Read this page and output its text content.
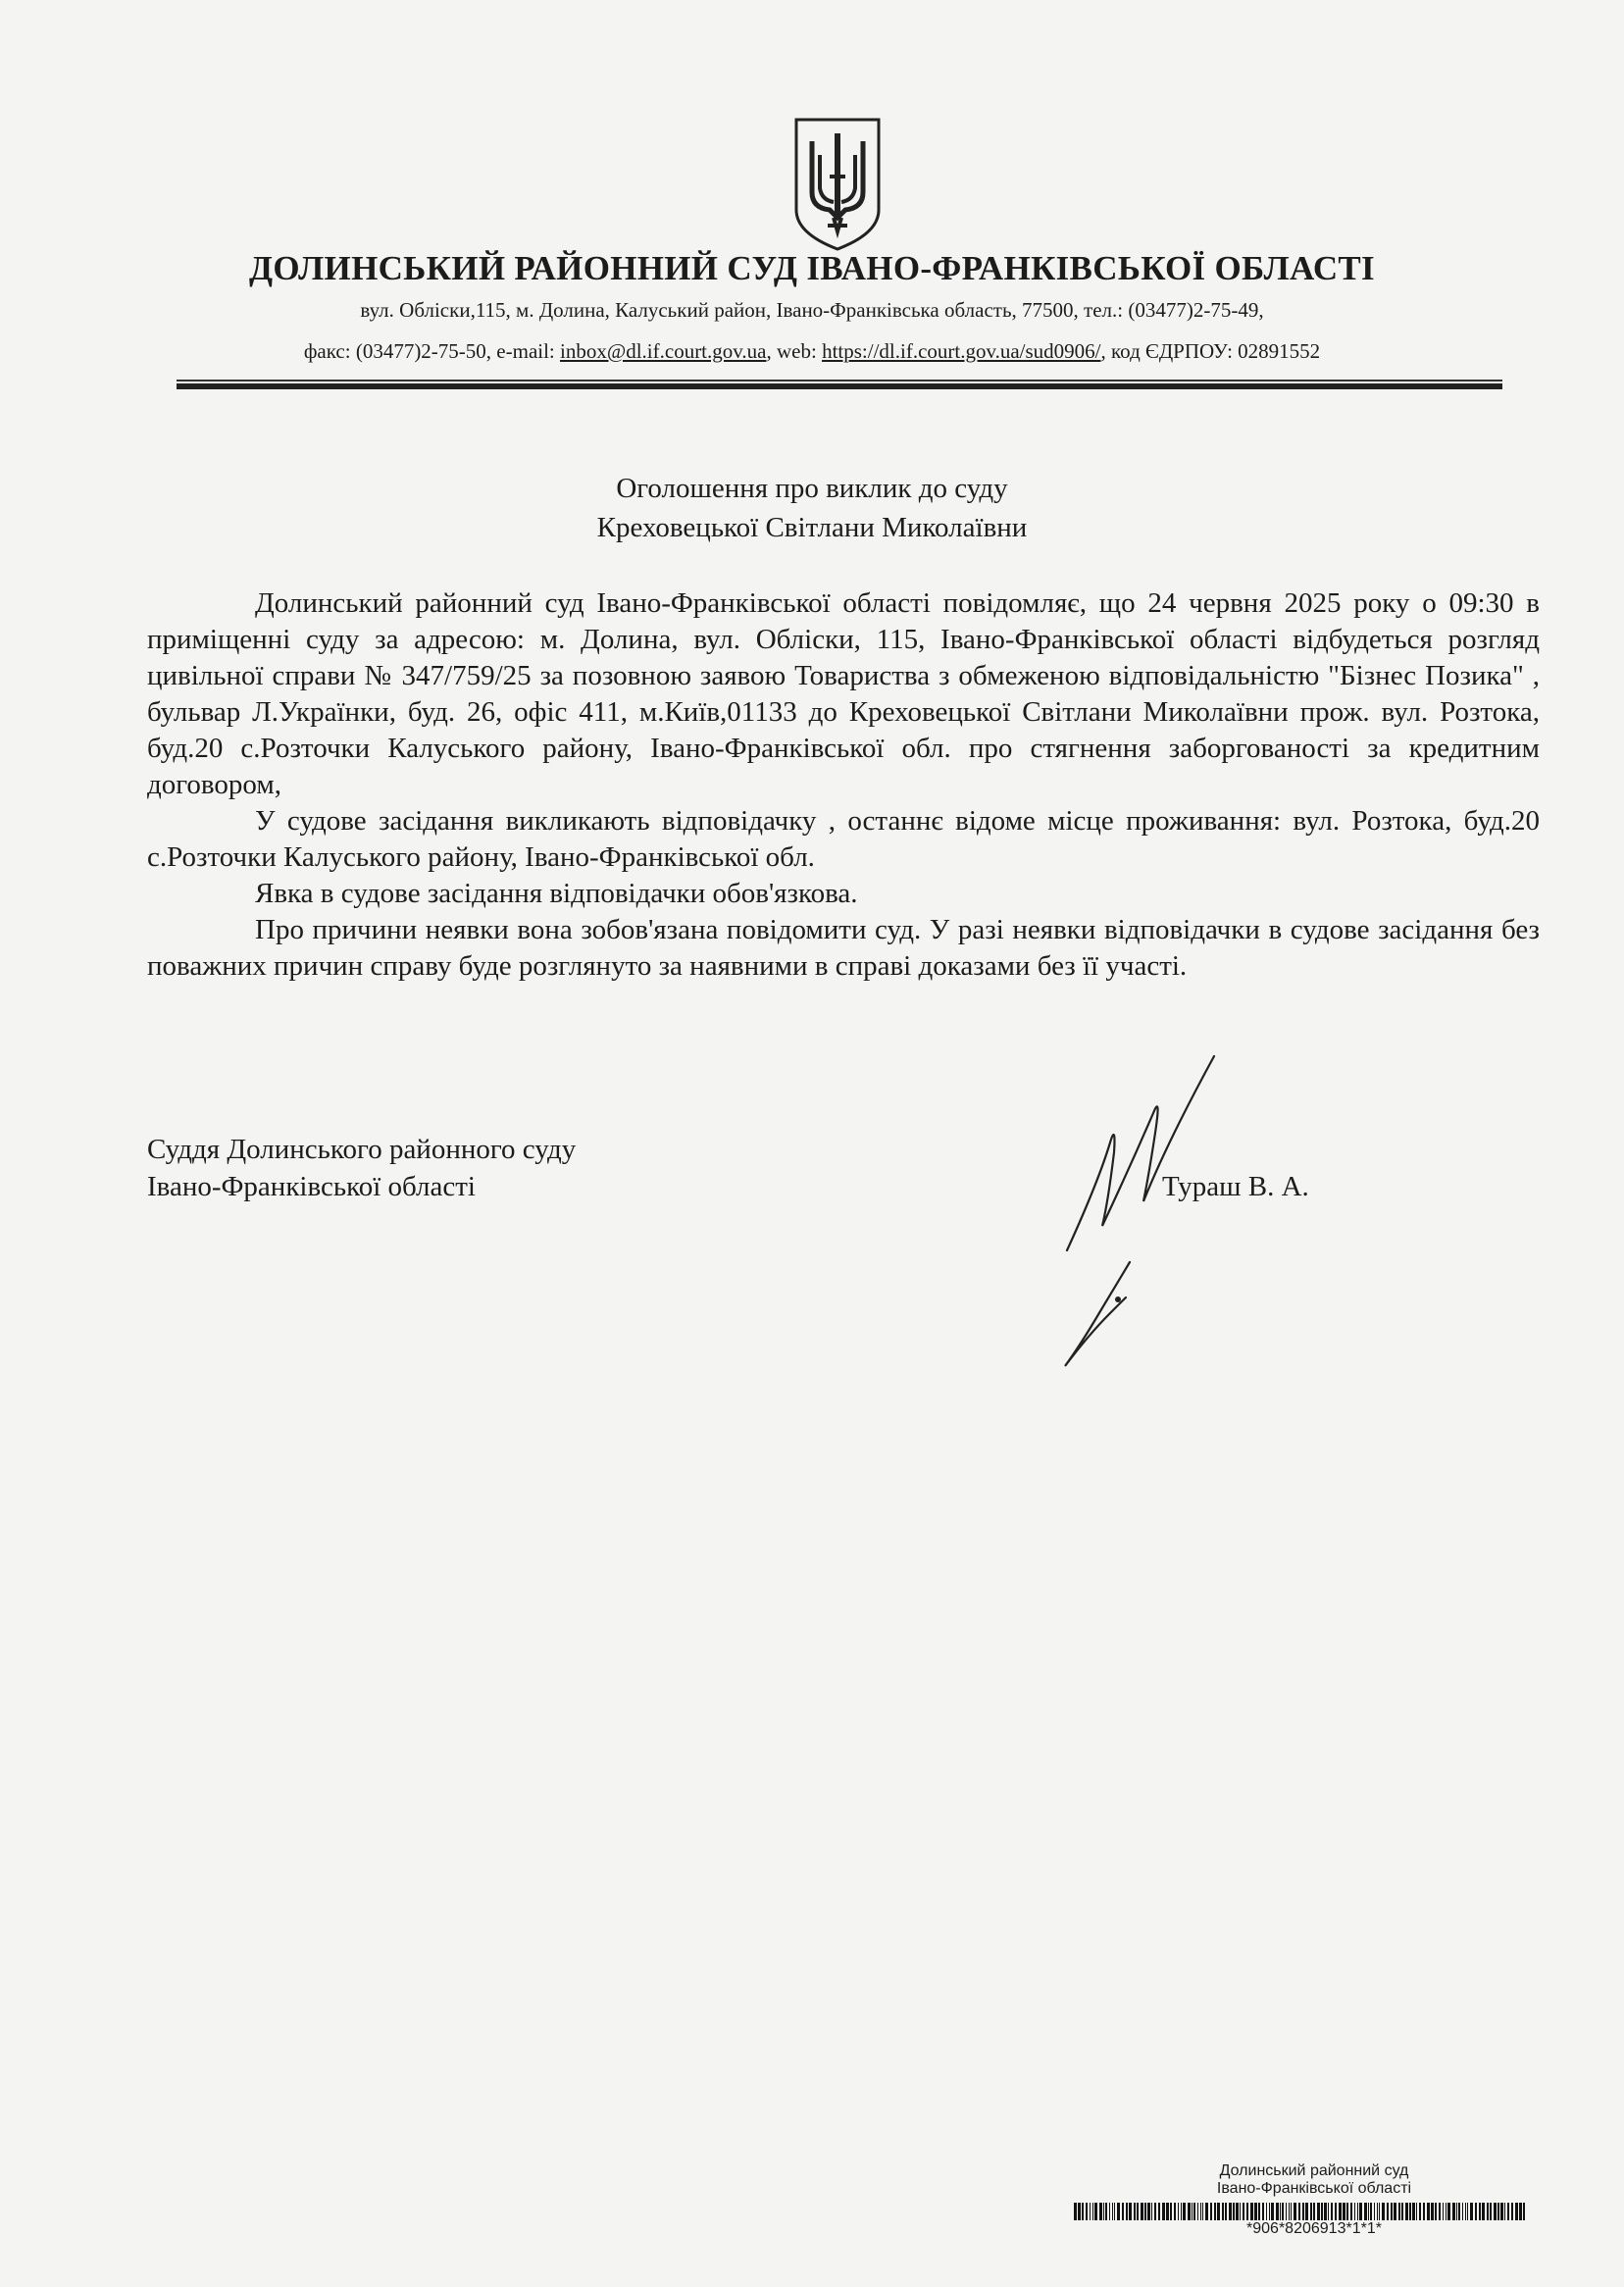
ДОЛИНСЬКИЙ РАЙОННИЙ СУД ІВАНО-ФРАНКІВСЬКОЇ ОБЛАСТІ
вул. Обліски,115, м. Долина, Калуський район, Івано-Франківська область, 77500, тел.: (03477)2-75-49,
факс: (03477)2-75-50, e-mail: inbox@dl.if.court.gov.ua, web: https://dl.if.court.gov.ua/sud0906/, код ЄДРПОУ: 02891552
Оголошення про виклик до суду
Креховецької Світлани Миколаївни

Долинський районний суд Івано-Франківської області повідомляє, що 24 червня 2025 року о 09:30 в приміщенні суду за адресою: м. Долина, вул. Обліски, 115, Івано-Франківської області відбудеться розгляд цивільної справи № 347/759/25 за позовною заявою Товариства з обмеженою відповідальністю "Бізнес Позика" , бульвар Л.Українки, буд. 26, офіс 411, м.Київ,01133 до Креховецької Світлани Миколаївни прож. вул. Розтока, буд.20 с.Розточки Калуського району, Івано-Франківської обл. про стягнення заборгованості за кредитним договором,

У судове засідання викликають відповідачку , останнє відоме місце проживання: вул. Розтока, буд.20 с.Розточки Калуського району, Івано-Франківської обл.

Явка в судове засідання відповідачки обов'язкова.

Про причини неявки вона зобов'язана повідомити суд. У разі неявки відповідачки в судове засідання без поважних причин справу буде розглянуто за наявними в справі доказами без її участі.

Суддя Долинського районного суду
Івано-Франківської області	Тураш В. А.
Долинський районний суд
Івано-Франківської області
*906*8206913*1*1*
